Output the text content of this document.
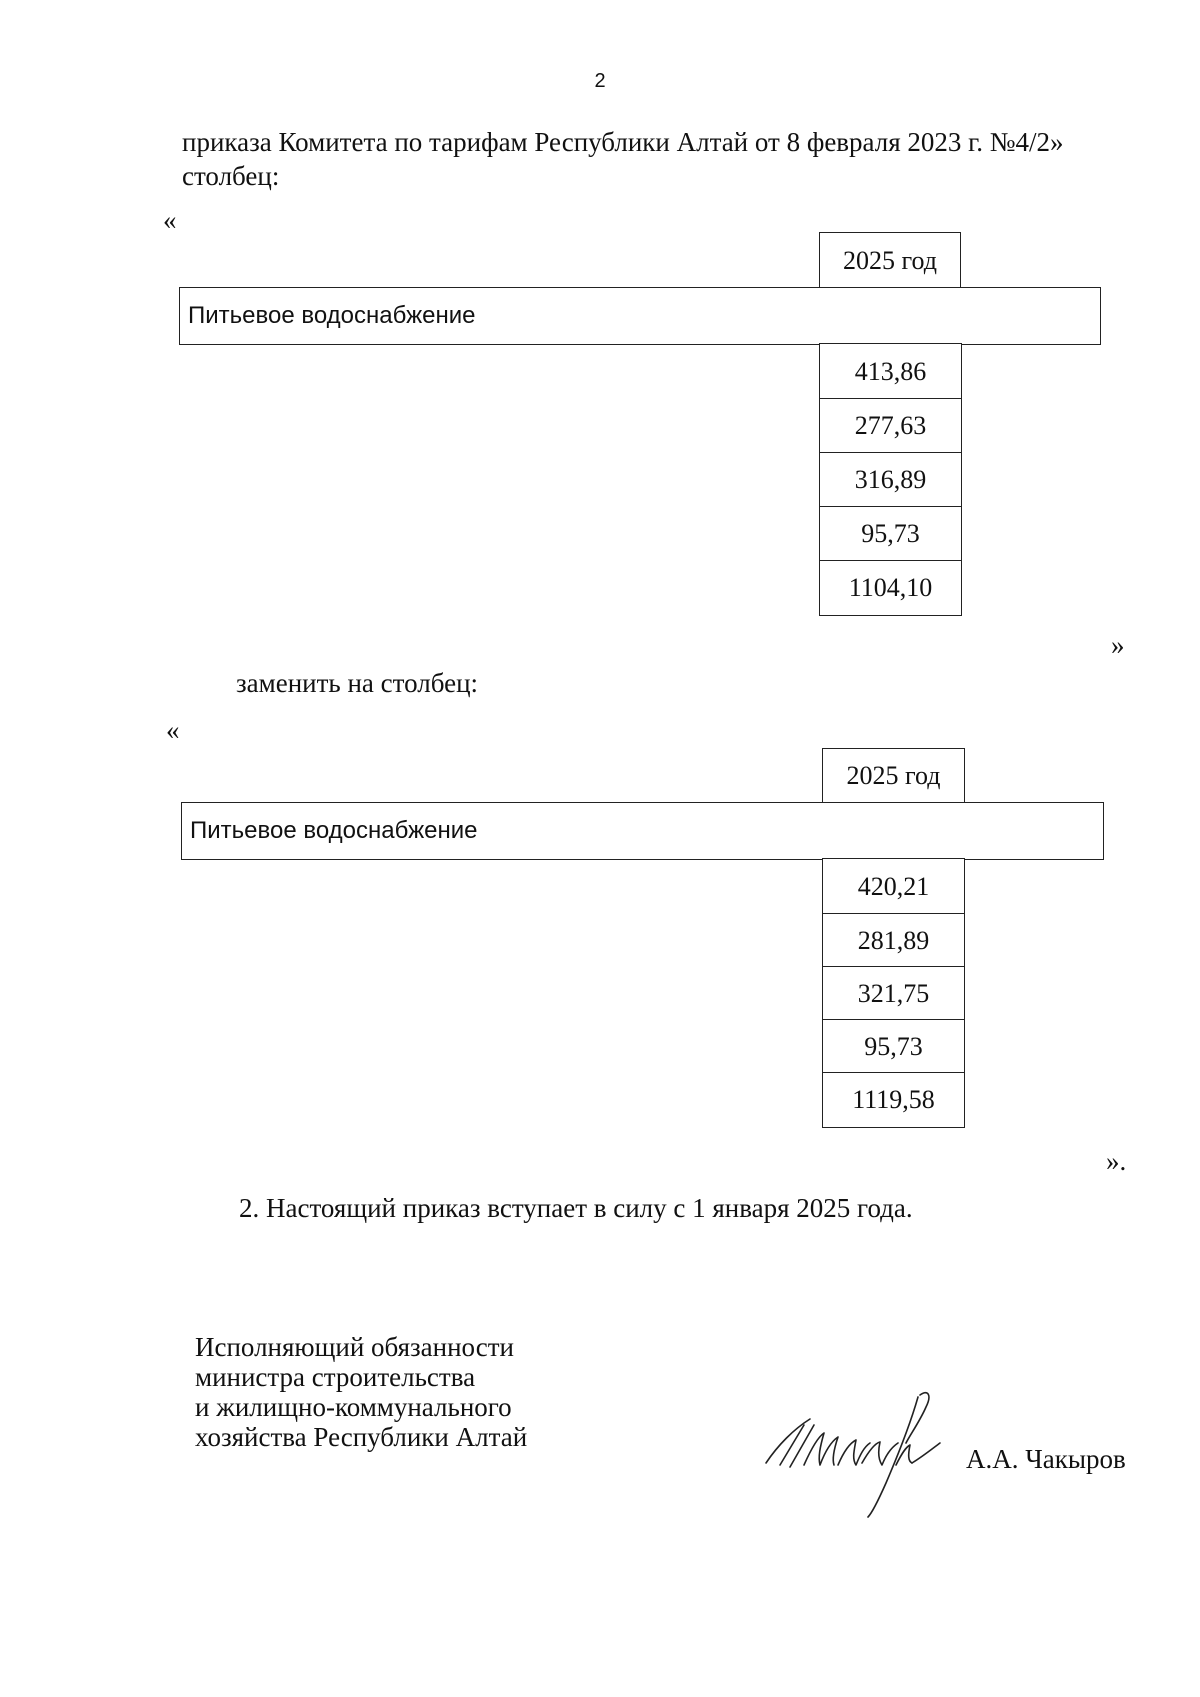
2
приказа Комитета по тарифам Республики Алтай от 8 февраля 2023 г. №4/2»
столбец:
«
2025 год
Питьевое водоснабжение
413,86
277,63
316,89
95,73
1104,10
»
заменить на столбец:
«
2025 год
Питьевое водоснабжение
420,21
281,89
321,75
95,73
1119,58
».
2. Настоящий приказ вступает в силу с 1 января 2025 года.
Исполняющий обязанности
министра строительства
и жилищно-коммунального
хозяйства Республики Алтай
А.А. Чакыров
